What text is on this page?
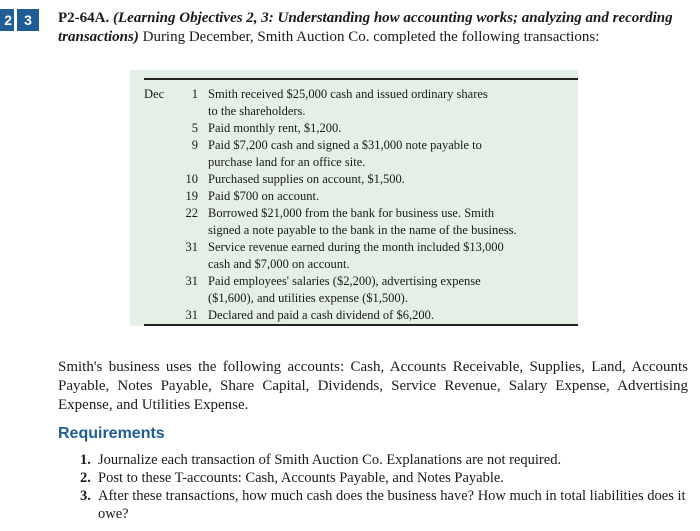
2 3	P2-64A. (Learning Objectives 2, 3: Understanding how accounting works; analyzing and recording transactions) During December, Smith Auction Co. completed the following transactions:
Dec	1 Smith received $25,000 cash and issued ordinary shares
to the shareholders.
5 Paid monthly rent, $1,200.
9 Paid $7,200 cash and signed a $31,000 note payable to
purchase land for an office site.
10 Purchased supplies on account, $1,500.
19 Paid $700 on account.
22 Borrowed $21,000 from the bank for business use. Smith
signed a note payable to the bank in the name of the business.
31 Service revenue earned during the month included $13,000
cash and $7,000 on account.
31 Paid employees' salaries ($2,200), advertising expense
($1,600), and utilities expense ($1,500).
31 Declared and paid a cash dividend of $6,200.
Smith's business uses the following accounts: Cash, Accounts Receivable, Supplies, Land, Accounts Payable, Notes Payable, Share Capital, Dividends, Service Revenue, Salary Expense, Advertising Expense, and Utilities Expense.
Requirements
1. Journalize each transaction of Smith Auction Co. Explanations are not required.
2. Post to these T-accounts: Cash, Accounts Payable, and Notes Payable.
3. After these transactions, how much cash does the business have? How much in total liabilities does it owe?
